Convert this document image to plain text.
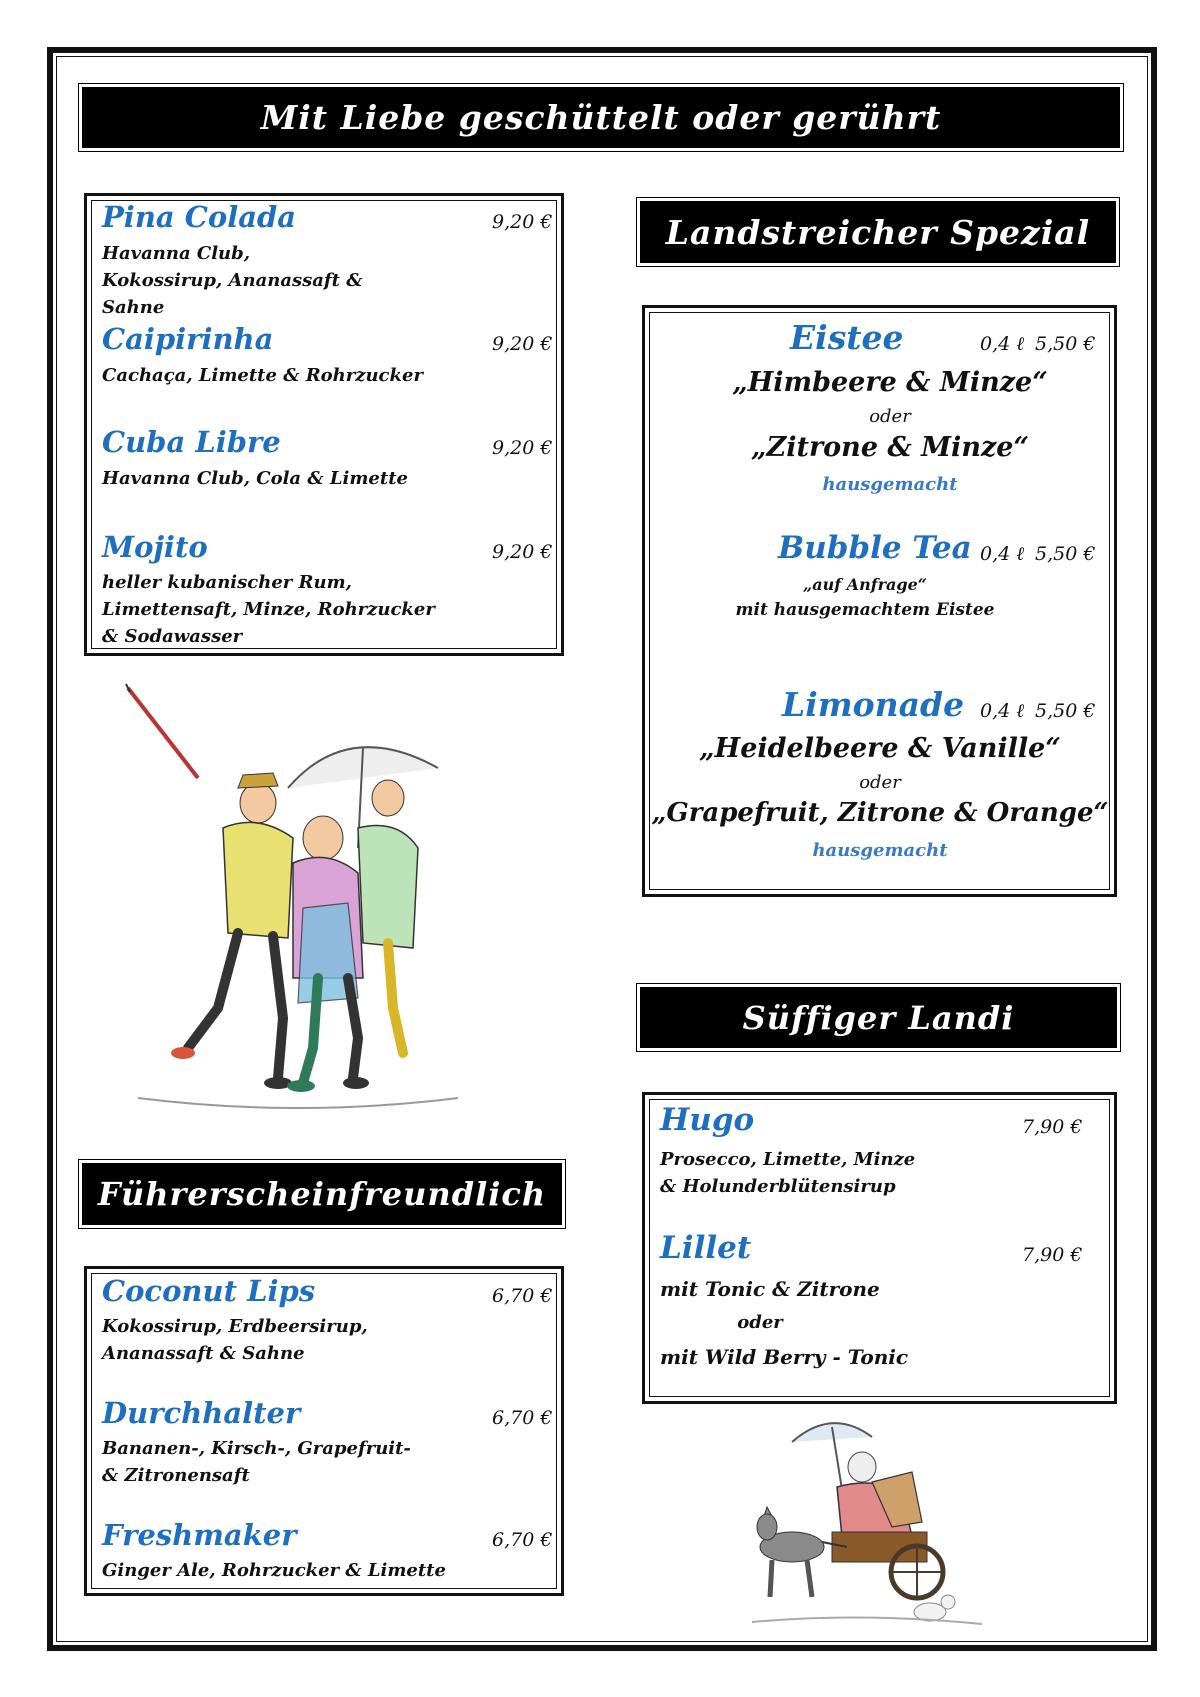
Mit Liebe geschüttelt oder gerührt
Pina Colada	9,20 €
Havanna Club, Kokossirup, Ananassaft & Sahne
Caipirinha	9,20 €
Cachaça, Limette & Rohrzucker
Cuba Libre	9,20 €
Havanna Club, Cola & Limette
Mojito	9,20 €
heller kubanischer Rum, Limettensaft, Minze, Rohrzucker & Sodawasser
Landstreicher Spezial
Eistee	0,4 ℓ 5,50 €
„Himbeere & Minze“
oder
„Zitrone & Minze“
hausgemacht
Bubble Tea 0,4 ℓ 5,50 €
„auf Anfrage“
mit hausgemachtem Eistee
Limonade 0,4 ℓ 5,50 €
„Heidelbeere & Vanille“
oder
„Grapefruit, Zitrone & Orange“
hausgemacht
Führerscheinfreundlich
Coconut Lips	6,70 €
Kokossirup, Erdbeersirup, Ananassaft & Sahne
Durchhalter	6,70 €
Bananen-, Kirsch-, Grapefruit- & Zitronensaft
Freshmaker	6,70 €
Ginger Ale, Rohrzucker & Limette
Süffiger Landi
Hugo	7,90 €
Prosecco, Limette, Minze & Holunderblütensirup
Lillet	7,90 €
mit Tonic & Zitrone
oder
mit Wild Berry - Tonic
